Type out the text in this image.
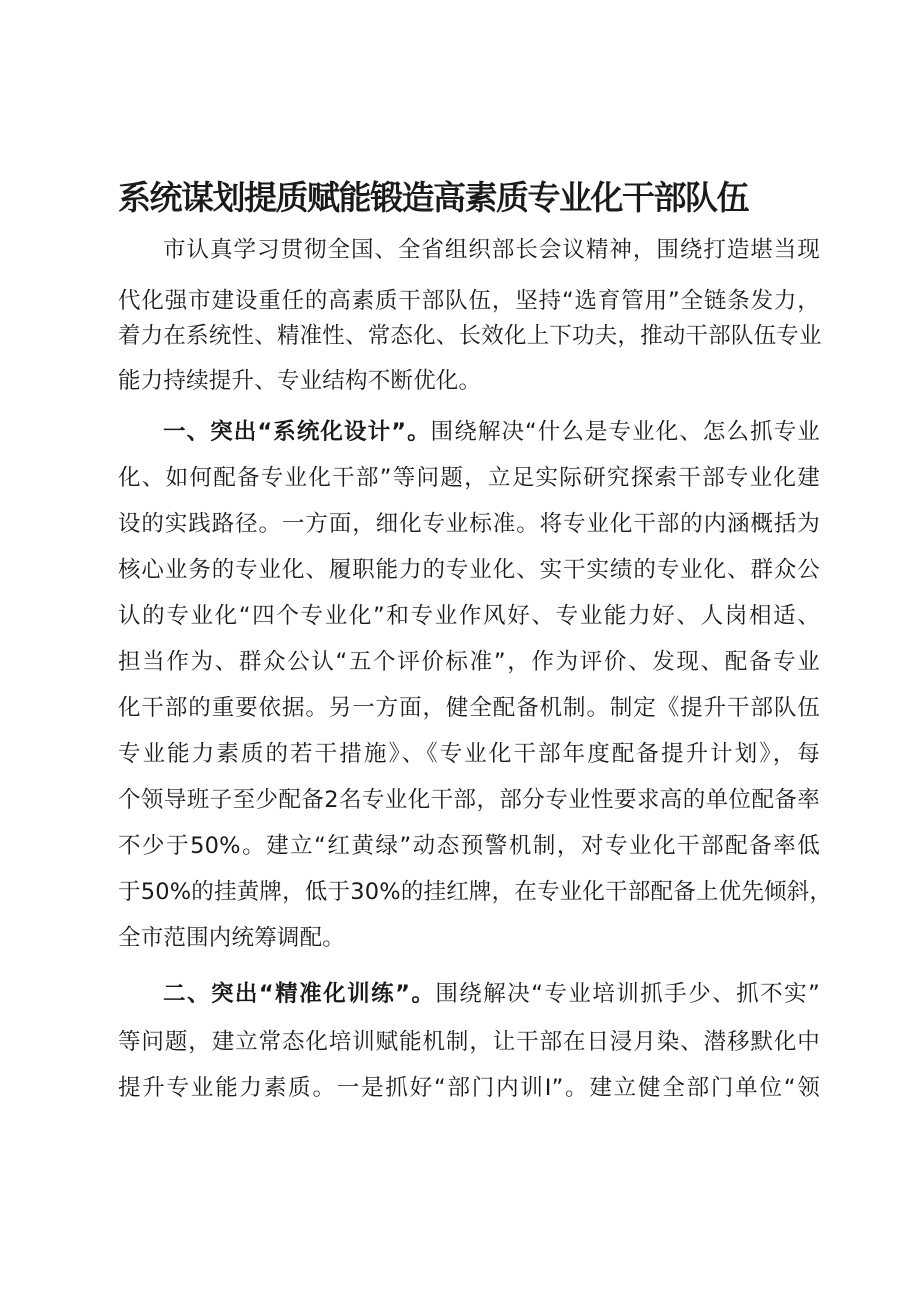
系统谋划提质赋能锻造高素质专业化干部队伍
市认真学习贯彻全国、全省组织部长会议精神，围绕打造堪当现
代化强市建设重任的高素质干部队伍，坚持“选育管用”全链条发力，
着力在系统性、精准性、常态化、长效化上下功夫，推动干部队伍专业
能力持续提升、专业结构不断优化。
一、突出“系统化设计”。围绕解决“什么是专业化、怎么抓专业
化、如何配备专业化干部”等问题，立足实际研究探索干部专业化建
设的实践路径。一方面，细化专业标准。将专业化干部的内涵概括为
核心业务的专业化、履职能力的专业化、实干实绩的专业化、群众公
认的专业化“四个专业化”和专业作风好、专业能力好、人岗相适、
担当作为、群众公认“五个评价标准”，作为评价、发现、配备专业
化干部的重要依据。另一方面，健全配备机制。制定《提升干部队伍
专业能力素质的若干措施》、《专业化干部年度配备提升计划》，每
个领导班子至少配备2名专业化干部，部分专业性要求高的单位配备率
不少于50%。建立“红黄绿”动态预警机制，对专业化干部配备率低
于50%的挂黄牌，低于30%的挂红牌，在专业化干部配备上优先倾斜，
全市范围内统筹调配。
二、突出“精准化训练”。围绕解决“专业培训抓手少、抓不实”
等问题，建立常态化培训赋能机制，让干部在日浸月染、潜移默化中
提升专业能力素质。一是抓好“部门内训I”。建立健全部门单位“领
